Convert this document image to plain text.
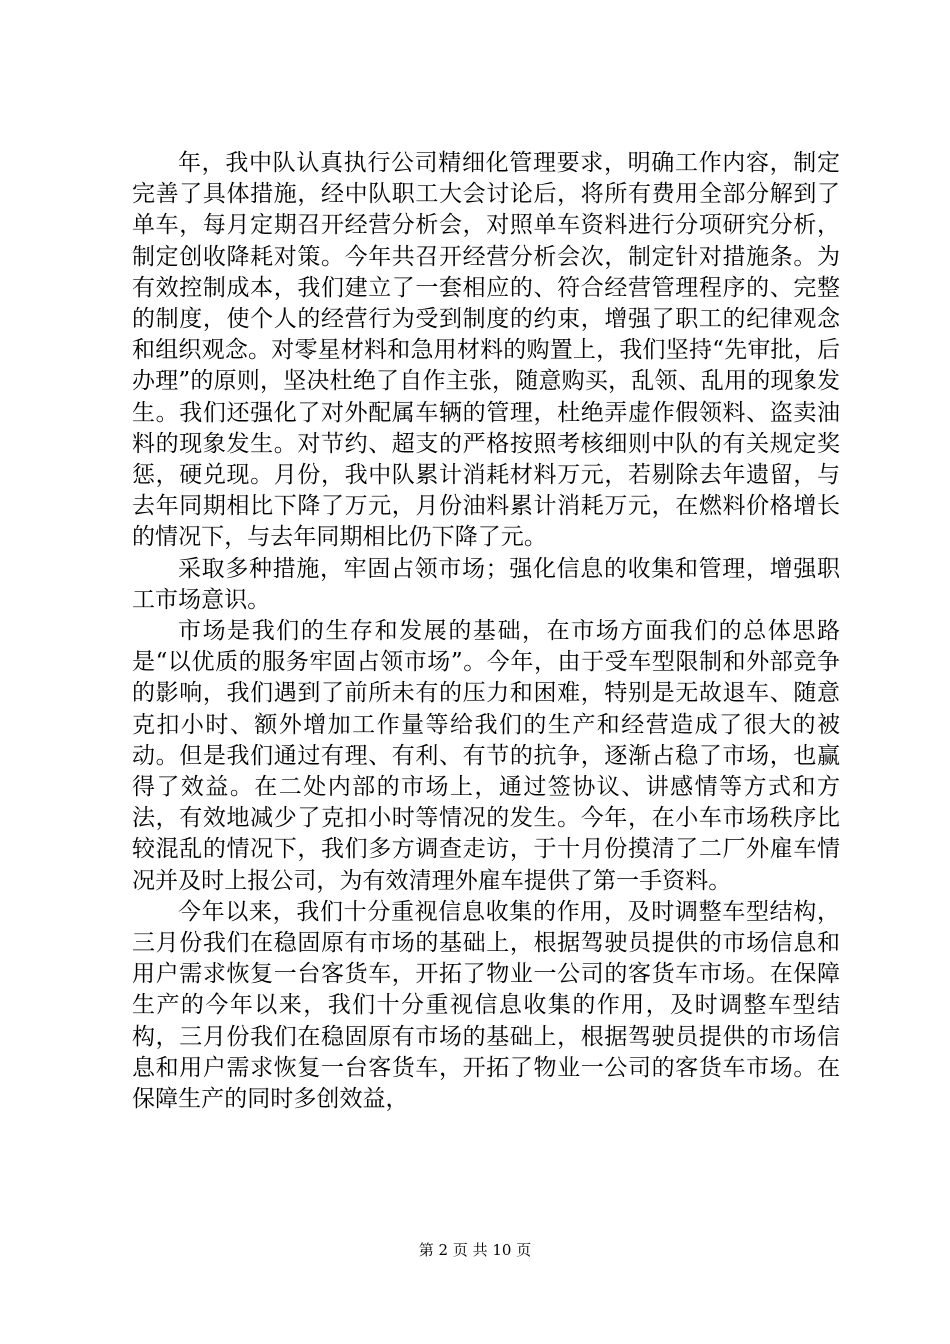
年，我中队认真执行公司精细化管理要求，明确工作内容，制定完善了具体措施，经中队职工大会讨论后，将所有费用全部分解到了单车，每月定期召开经营分析会，对照单车资料进行分项研究分析，制定创收降耗对策。今年共召开经营分析会次，制定针对措施条。为有效控制成本，我们建立了一套相应的、符合经营管理程序的、完整的制度，使个人的经营行为受到制度的约束，增强了职工的纪律观念和组织观念。对零星材料和急用材料的购置上，我们坚持“先审批，后办理”的原则，坚决杜绝了自作主张，随意购买，乱领、乱用的现象发生。我们还强化了对外配属车辆的管理，杜绝弄虚作假领料、盗卖油料的现象发生。对节约、超支的严格按照考核细则中队的有关规定奖惩，硬兑现。月份，我中队累计消耗材料万元，若剔除去年遗留，与去年同期相比下降了万元，月份油料累计消耗万元，在燃料价格增长的情况下，与去年同期相比仍下降了元。

采取多种措施，牢固占领市场；强化信息的收集和管理，增强职工市场意识。

市场是我们的生存和发展的基础，在市场方面我们的总体思路是“以优质的服务牢固占领市场”。今年，由于受车型限制和外部竞争的影响，我们遇到了前所未有的压力和困难，特别是无故退车、随意克扣小时、额外增加工作量等给我们的生产和经营造成了很大的被动。但是我们通过有理、有利、有节的抗争，逐渐占稳了市场，也赢得了效益。在二处内部的市场上，通过签协议、讲感情等方式和方法，有效地减少了克扣小时等情况的发生。今年，在小车市场秩序比较混乱的情况下，我们多方调查走访，于十月份摸清了二厂外雇车情况并及时上报公司，为有效清理外雇车提供了第一手资料。

今年以来，我们十分重视信息收集的作用，及时调整车型结构，三月份我们在稳固原有市场的基础上，根据驾驶员提供的市场信息和用户需求恢复一台客货车，开拓了物业一公司的客货车市场。在保障生产的今年以来，我们十分重视信息收集的作用，及时调整车型结构，三月份我们在稳固原有市场的基础上，根据驾驶员提供的市场信息和用户需求恢复一台客货车，开拓了物业一公司的客货车市场。在保障生产的同时多创效益，

第 2 页 共 10 页
